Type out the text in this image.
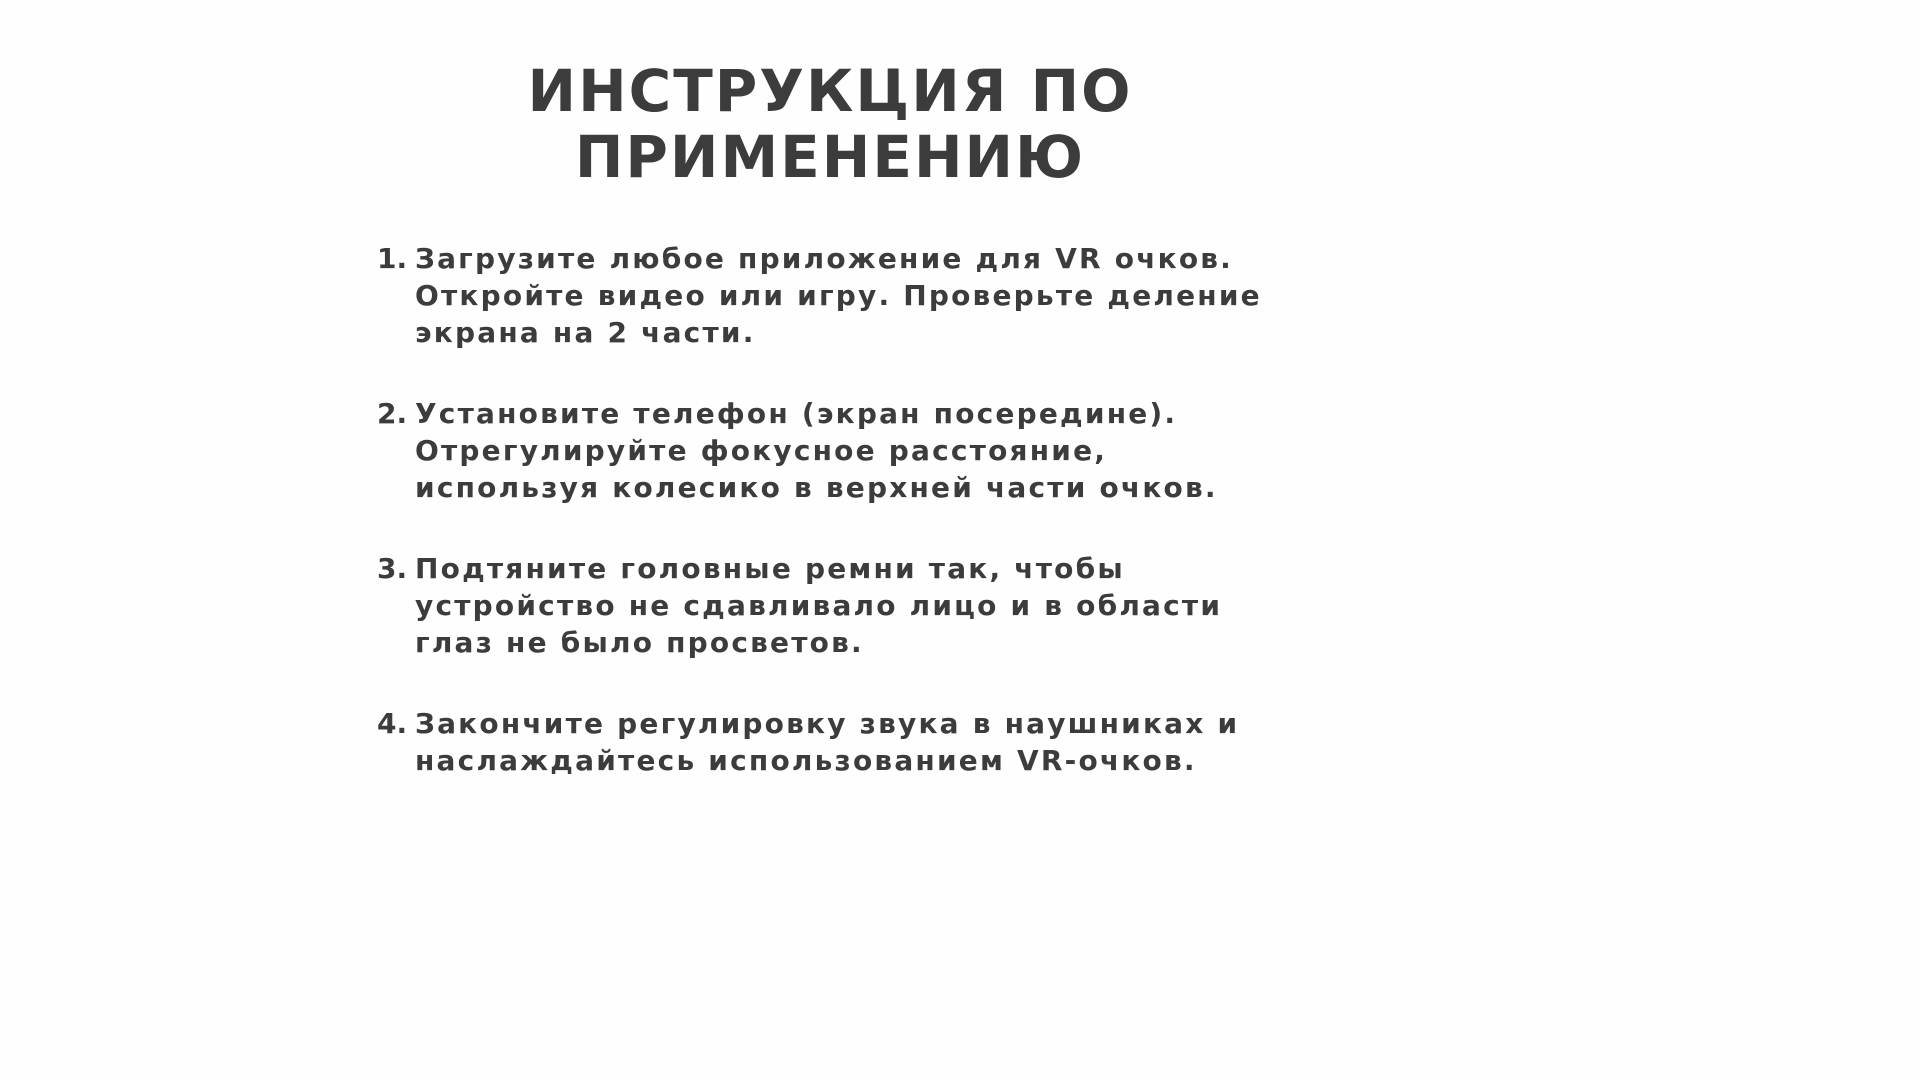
ИНСТРУКЦИЯ ПО
ПРИМЕНЕНИЮ
1. Загрузите любое приложение для VR очков.
Откройте видео или игру. Проверьте деление
экрана на 2 части.
2. Установите телефон (экран посередине).
Отрегулируйте фокусное расстояние,
используя колесико в верхней части очков.
3. Подтяните головные ремни так, чтобы
устройство не сдавливало лицо и в области
глаз не было просветов.
4. Закончите регулировку звука в наушниках и
наслаждайтесь использованием VR-очков.
